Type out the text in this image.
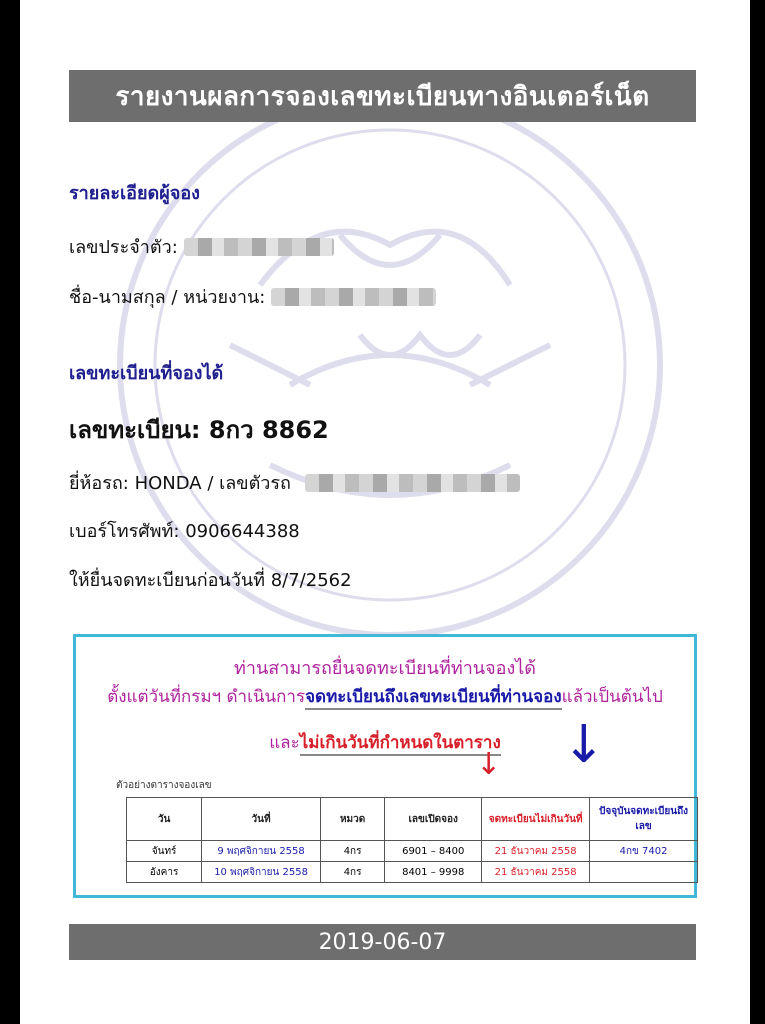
รายงานผลการจองเลขทะเบียนทางอินเตอร์เน็ต
รายละเอียดผู้จอง
เลขประจำตัว:
ชื่อ-นามสกุล / หน่วยงาน:
เลขทะเบียนที่จองได้
เลขทะเบียน: 8กว 8862
ยี่ห้อรถ: HONDA / เลขตัวรถ
เบอร์โทรศัพท์: 0906644388
ให้ยื่นจดทะเบียนก่อนวันที่ 8/7/2562
ท่านสามารถยื่นจดทะเบียนที่ท่านจองได้
ตั้งแต่วันที่กรมฯ ดำเนินการจดทะเบียนถึงเลขทะเบียนที่ท่านจองแล้วเป็นต้นไป
และไม่เกินวันที่กำหนดในตาราง
↓ ↓
ตัวอย่างตารางจองเลข
วัน	วันที่	หมวด	เลขเปิดจอง	จดทะเบียนไม่เกินวันที่	ปัจจุบันจดทะเบียนถึงเลข
จันทร์	9 พฤศจิกายน 2558	4กร	6901 – 8400	21 ธันวาคม 2558	4กข 7402
อังคาร	10 พฤศจิกายน 2558	4กร	8401 – 9998	21 ธันวาคม 2558	
2019-06-07
